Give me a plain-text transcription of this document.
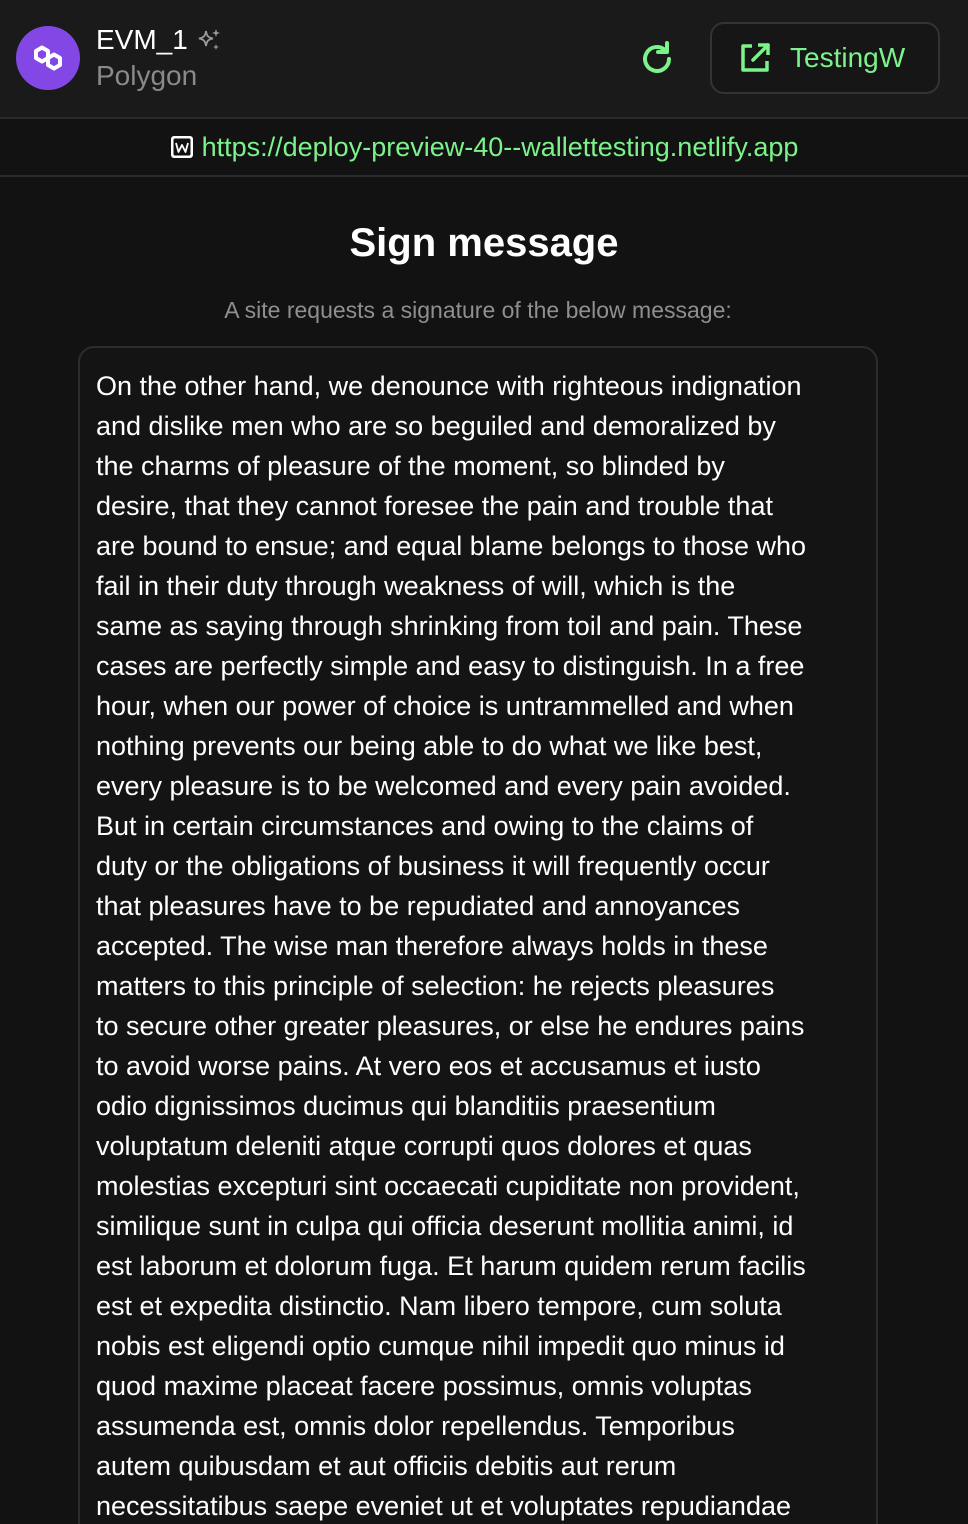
EVM_1
Polygon
TestingW
https://deploy-preview-40--wallettesting.netlify.app
Sign message
A site requests a signature of the below message:

On the other hand, we denounce with righteous indignation
and dislike men who are so beguiled and demoralized by
the charms of pleasure of the moment, so blinded by
desire, that they cannot foresee the pain and trouble that
are bound to ensue; and equal blame belongs to those who
fail in their duty through weakness of will, which is the
same as saying through shrinking from toil and pain. These
cases are perfectly simple and easy to distinguish. In a free
hour, when our power of choice is untrammelled and when
nothing prevents our being able to do what we like best,
every pleasure is to be welcomed and every pain avoided.
But in certain circumstances and owing to the claims of
duty or the obligations of business it will frequently occur
that pleasures have to be repudiated and annoyances
accepted. The wise man therefore always holds in these
matters to this principle of selection: he rejects pleasures
to secure other greater pleasures, or else he endures pains
to avoid worse pains. At vero eos et accusamus et iusto
odio dignissimos ducimus qui blanditiis praesentium
voluptatum deleniti atque corrupti quos dolores et quas
molestias excepturi sint occaecati cupiditate non provident,
similique sunt in culpa qui officia deserunt mollitia animi, id
est laborum et dolorum fuga. Et harum quidem rerum facilis
est et expedita distinctio. Nam libero tempore, cum soluta
nobis est eligendi optio cumque nihil impedit quo minus id
quod maxime placeat facere possimus, omnis voluptas
assumenda est, omnis dolor repellendus. Temporibus
autem quibusdam et aut officiis debitis aut rerum
necessitatibus saepe eveniet ut et voluptates repudiandae
